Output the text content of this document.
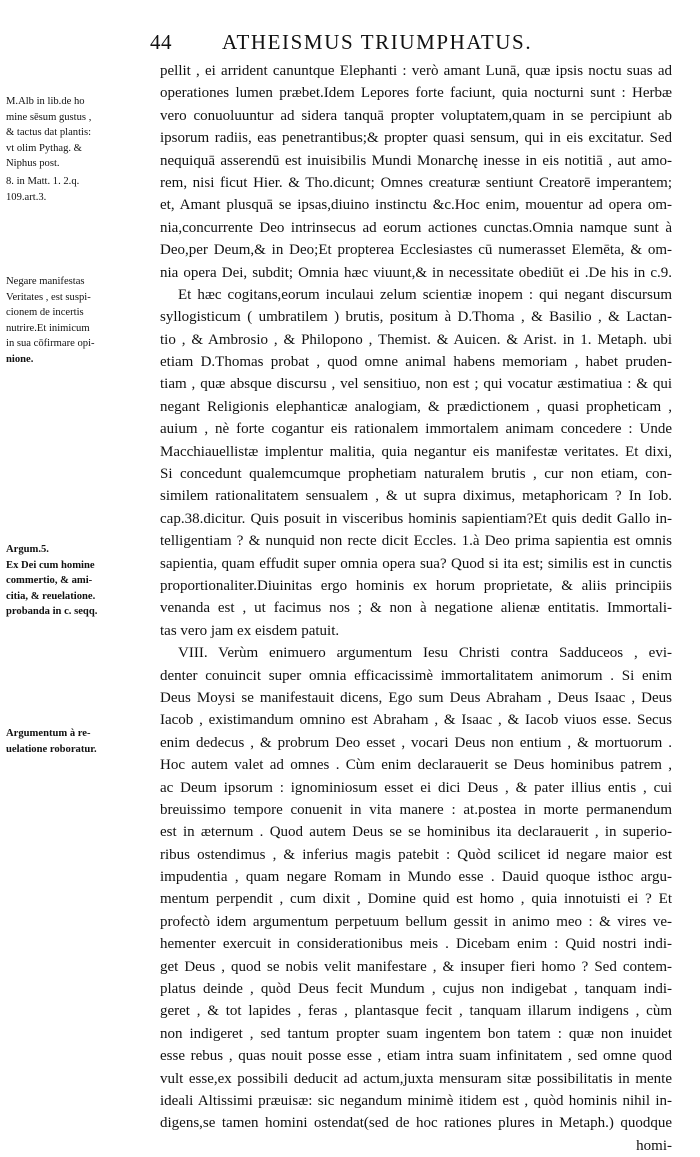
44 ATHEISMUS TRIUMPHATUS.
M.Alb in lib.de ho
mine sēsum gustus ,
& tactus dat plantis:
vt olim Pythag. &
Niphus post.
8. in Matt. 1. 2.q.
109.art.3.
Negare manifestas
Veritates , est suspi-
cionem de incertis
nutrire.Et inimicum
in sua cōfirmare opi-
nione.
Argum.5.
Ex Dei cum homine
commertio, & ami-
citia, & reuelatione.
probanda in c. seqq.
Argumentum à re-
uelatione roboratur.
pellit , ei arrident canuntque Elephanti : verò amant Lunā, quæ ipsis noctu suas ad
operationes lumen præbet.Idem Lepores forte faciunt, quia nocturni sunt : Herbæ
vero conuoluuntur ad sidera tanquā propter voluptatem,quam in se percipiunt ab
ipsorum radiis, eas penetrantibus;& propter quasi sensum, qui in eis excitatur. Sed
nequiquā asserendū est inuisibilis Mundi Monarchę inesse in eis notitiā , aut amo-
rem, nisi ficut Hier. & Tho.dicunt; Omnes creaturæ sentiunt Creatorē imperantem;
et, Amant plusquā se ipsas,diuino instinctu &c.Hoc enim, mouentur ad opera om-
nia,concurrente Deo intrinsecus ad eorum actiones cunctas.Omnia namque sunt à
Deo,per Deum,& in Deo;Et propterea Ecclesiastes cū numerasset Elemēta, & om-
nia opera Dei, subdit; Omnia hæc viuunt,& in necessitate obediūt ei .De his in c.9.
Et hæc cogitans,eorum inculaui zelum scientiæ inopem : qui negant discursum
syllogisticum ( umbratilem ) brutis, positum à D.Thoma , & Basilio , & Lactan-
tio , & Ambrosio , & Philopono , Themist. & Auicen. & Arist. in 1. Metaph. ubi
etiam D.Thomas probat , quod omne animal habens memoriam , habet pruden-
tiam , quæ absque discursu , vel sensitiuo, non est ; qui vocatur æstimatiua : & qui
negant Religionis elephanticæ analogiam, & prædictionem , quasi propheticam ,
auium , nè forte cogantur eis rationalem immortalem animam concedere : Unde
Macchiauellistæ implentur malitia, quia negantur eis manifestæ veritates. Et dixi,
Si concedunt qualemcumque prophetiam naturalem brutis , cur non etiam, con-
similem rationalitatem sensualem , & ut supra diximus, metaphoricam ? In Iob.
cap.38.dicitur. Quis posuit in visceribus hominis sapientiam?Et quis dedit Gallo in-
telligentiam ? & nunquid non recte dicit Eccles. 1.à Deo prima sapientia est omnis
sapientia, quam effudit super omnia opera sua? Quod si ita est; similis est in cunctis
proportionaliter.Diuinitas ergo hominis ex horum proprietate, & aliis principiis
venanda est , ut facimus nos ; & non à negatione alienæ entitatis. Immortali-
tas vero jam ex eisdem patuit.
VIII. Verùm enimuero argumentum Iesu Christi contra Sadduceos , evi-
denter conuincit super omnia efficacissimè immortalitatem animorum . Si enim
Deus Moysi se manifestauit dicens, Ego sum Deus Abraham , Deus Isaac , Deus
Iacob , existimandum omnino est Abraham , & Isaac , & Iacob viuos esse. Secus
enim dedecus , & probrum Deo esset , vocari Deus non entium , & mortuorum .
Hoc autem valet ad omnes . Cùm enim declarauerit se Deus hominibus patrem ,
ac Deum ipsorum : ignominiosum esset ei dici Deus , & pater illius entis , cui
breuissimo tempore conuenit in vita manere : at.postea in morte permanendum
est in æternum . Quod autem Deus se se hominibus ita declarauerit , in superio-
ribus ostendimus , & inferius magis patebit : Quòd scilicet id negare maior est
impudentia , quam negare Romam in Mundo esse . Dauid quoque isthoc argu-
mentum perpendit , cum dixit , Domine quid est homo , quia innotuisti ei ? Et
profectò idem argumentum perpetuum bellum gessit in animo meo : & vires ve-
hementer exercuit in considerationibus meis . Dicebam enim : Quid nostri indi-
get Deus , quod se nobis velit manifestare , & insuper fieri homo ? Sed contem-
platus deinde , quòd Deus fecit Mundum , cujus non indigebat , tanquam indi-
geret , & tot lapides , feras , plantasque fecit , tanquam illarum indigens , cùm
non indigeret , sed tantum propter suam ingentem bon tatem : quæ non inuidet
esse rebus , quas nouit posse esse , etiam intra suam infinitatem , sed omne quod
vult esse,ex possibili deducit ad actum,juxta mensuram sitæ possibilitatis in mente
ideali Altissimi præuisæ: sic negandum minimè itidem est , quòd hominis nihil in-
digens,se tamen homini ostendat(sed de hoc rationes plures in Metaph.) quodque
homi-
